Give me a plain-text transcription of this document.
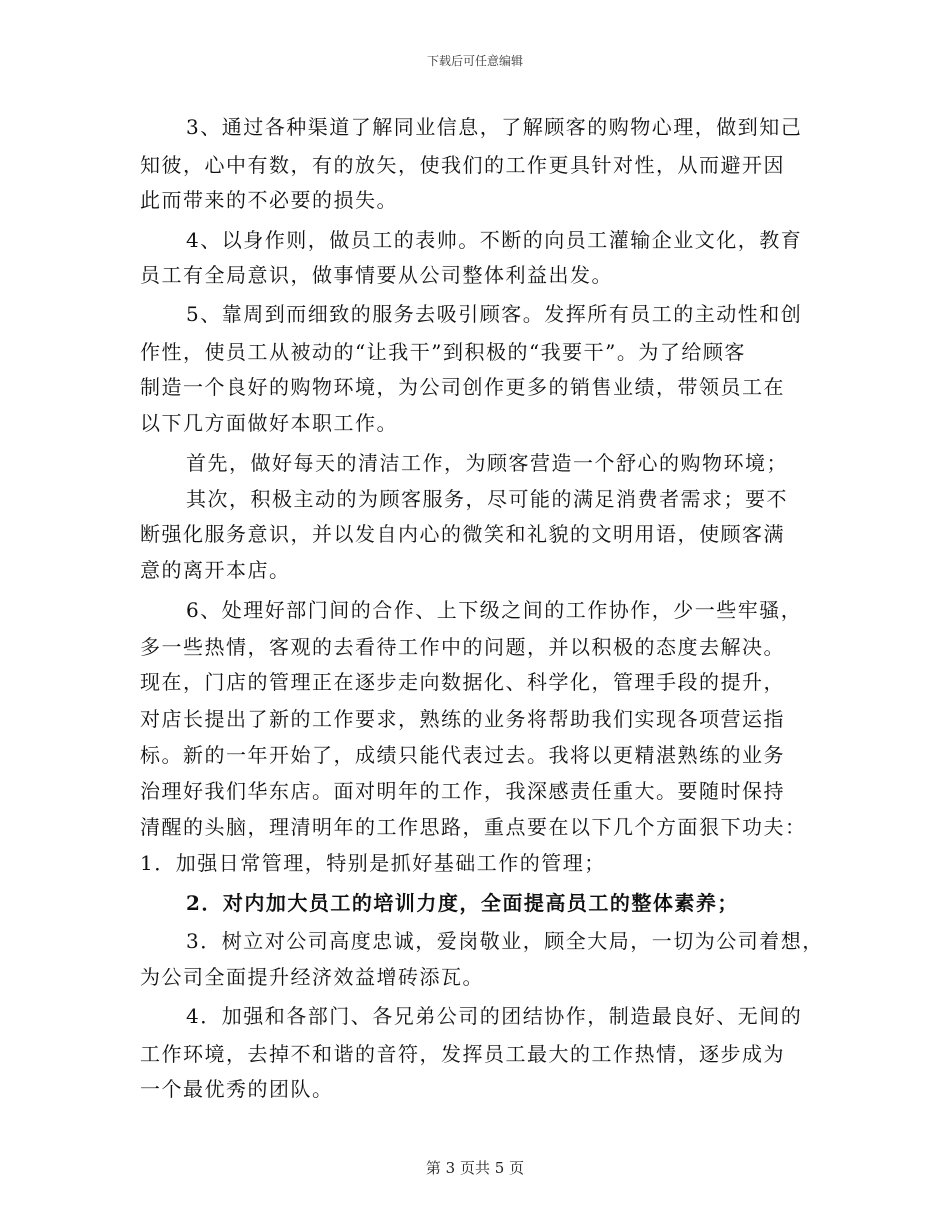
下载后可任意编辑
3、通过各种渠道了解同业信息，了解顾客的购物心理，做到知己
知彼，心中有数，有的放矢，使我们的工作更具针对性，从而避开因
此而带来的不必要的损失。
4、以身作则，做员工的表帅。不断的向员工灌输企业文化，教育
员工有全局意识，做事情要从公司整体利益出发。
5、靠周到而细致的服务去吸引顾客。发挥所有员工的主动性和创
作性，使员工从被动的“让我干”到积极的“我要干”。为了给顾客
制造一个良好的购物环境，为公司创作更多的销售业绩，带领员工在
以下几方面做好本职工作。
首先，做好每天的清洁工作，为顾客营造一个舒心的购物环境；
其次，积极主动的为顾客服务，尽可能的满足消费者需求；要不
断强化服务意识，并以发自内心的微笑和礼貌的文明用语，使顾客满
意的离开本店。
6、处理好部门间的合作、上下级之间的工作协作，少一些牢骚，
多一些热情，客观的去看待工作中的问题，并以积极的态度去解决。
现在，门店的管理正在逐步走向数据化、科学化，管理手段的提升，
对店长提出了新的工作要求，熟练的业务将帮助我们实现各项营运指
标。新的一年开始了，成绩只能代表过去。我将以更精湛熟练的业务
治理好我们华东店。面对明年的工作，我深感责任重大。要随时保持
清醒的头脑，理清明年的工作思路，重点要在以下几个方面狠下功夫：
1．加强日常管理，特别是抓好基础工作的管理；
2．对内加大员工的培训力度，全面提高员工的整体素养；
3．树立对公司高度忠诚，爱岗敬业，顾全大局，一切为公司着想，
为公司全面提升经济效益增砖添瓦。
4．加强和各部门、各兄弟公司的团结协作，制造最良好、无间的
工作环境，去掉不和谐的音符，发挥员工最大的工作热情，逐步成为
一个最优秀的团队。
第 3 页共 5 页
